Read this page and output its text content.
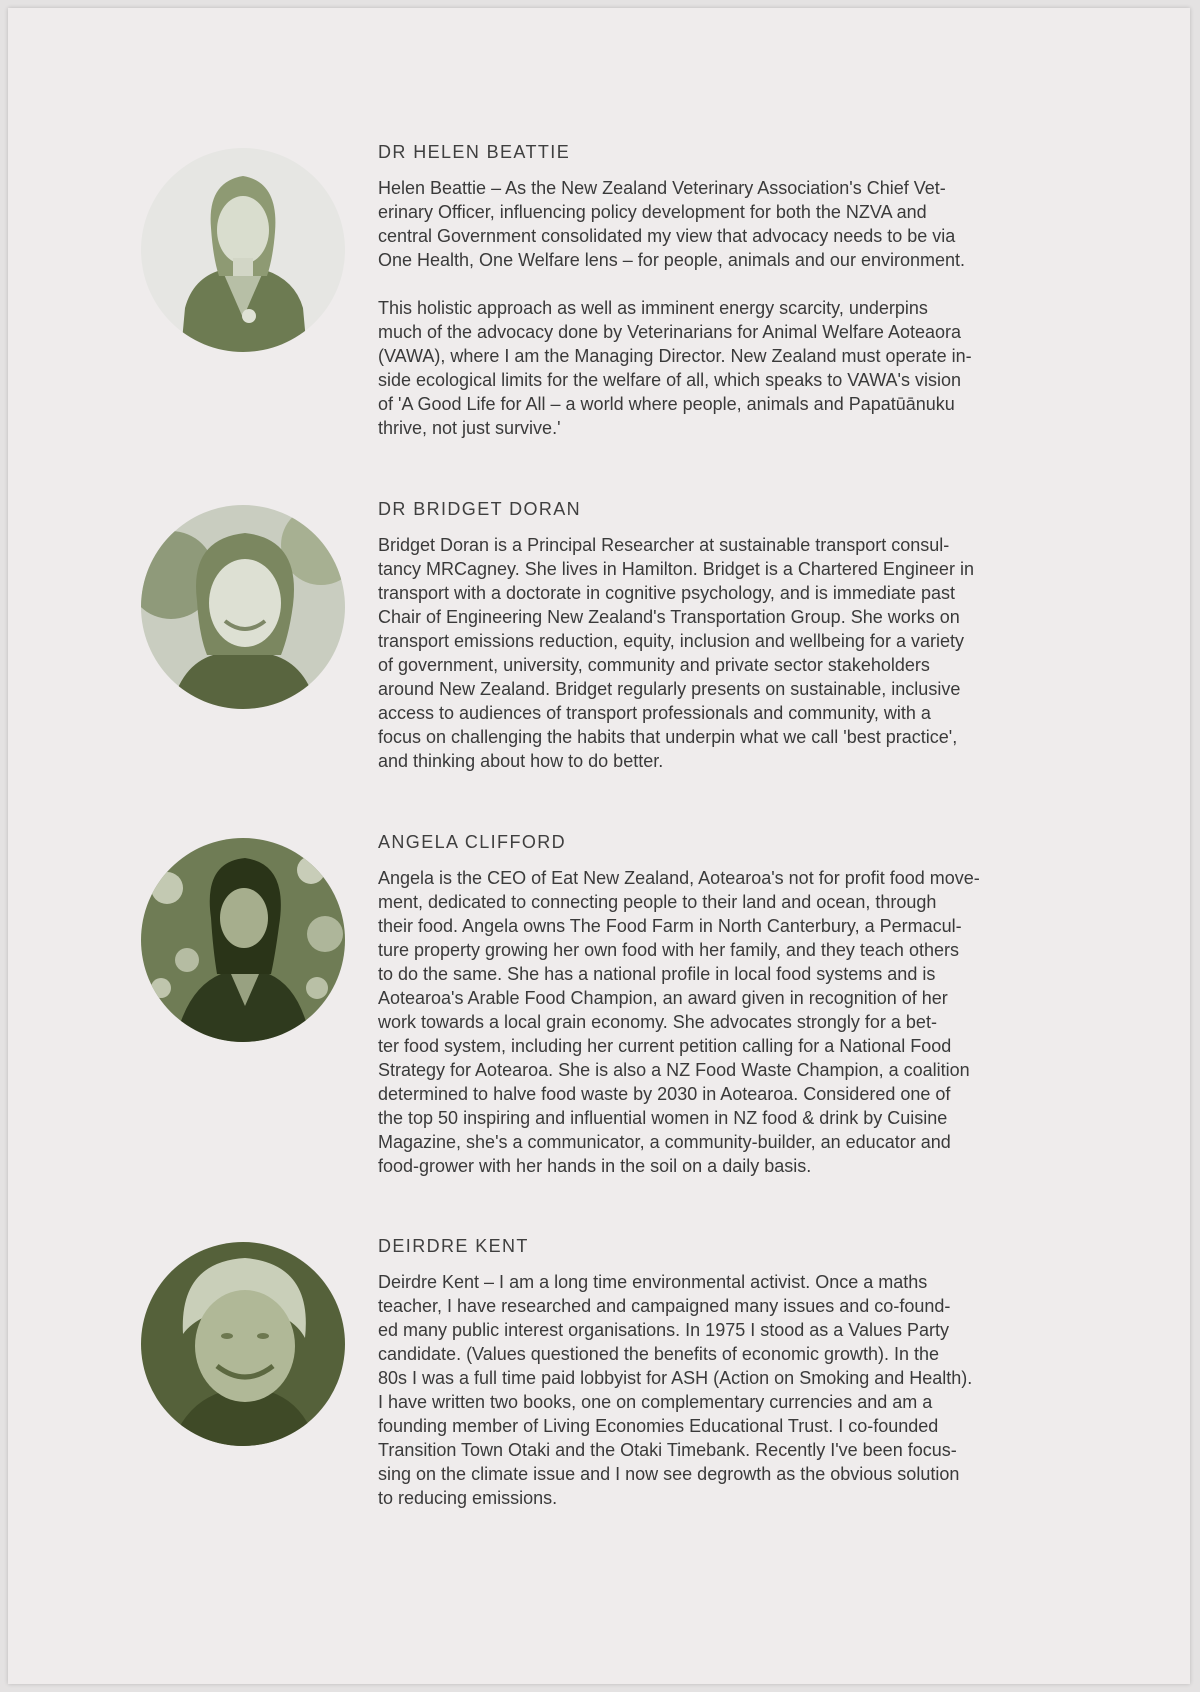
DR HELEN BEATTIE

Helen Beattie – As the New Zealand Veterinary Association's Chief Vet-
erinary Officer, influencing policy development for both the NZVA and
central Government consolidated my view that advocacy needs to be via
One Health, One Welfare lens – for people, animals and our environment.

This holistic approach as well as imminent energy scarcity, underpins
much of the advocacy done by Veterinarians for Animal Welfare Aoteaora
(VAWA), where I am the Managing Director. New Zealand must operate in-
side ecological limits for the welfare of all, which speaks to VAWA's vision
of 'A Good Life for All – a world where people, animals and Papatūānuku
thrive, not just survive.'

DR BRIDGET DORAN

Bridget Doran is a Principal Researcher at sustainable transport consul-
tancy MRCagney. She lives in Hamilton. Bridget is a Chartered Engineer in
transport with a doctorate in cognitive psychology, and is immediate past
Chair of Engineering New Zealand's Transportation Group. She works on
transport emissions reduction, equity, inclusion and wellbeing for a variety
of government, university, community and private sector stakeholders
around New Zealand. Bridget regularly presents on sustainable, inclusive
access to audiences of transport professionals and community, with a
focus on challenging the habits that underpin what we call 'best practice',
and thinking about how to do better.

ANGELA CLIFFORD

Angela is the CEO of Eat New Zealand, Aotearoa's not for profit food move-
ment, dedicated to connecting people to their land and ocean, through
their food. Angela owns The Food Farm in North Canterbury, a Permacul-
ture property growing her own food with her family, and they teach others
to do the same. She has a national profile in local food systems and is
Aotearoa's Arable Food Champion, an award given in recognition of her
work towards a local grain economy. She advocates strongly for a bet-
ter food system, including her current petition calling for a National Food
Strategy for Aotearoa. She is also a NZ Food Waste Champion, a coalition
determined to halve food waste by 2030 in Aotearoa. Considered one of
the top 50 inspiring and influential women in NZ food & drink by Cuisine
Magazine, she's a communicator, a community-builder, an educator and
food-grower with her hands in the soil on a daily basis.

DEIRDRE KENT

Deirdre Kent – I am a long time environmental activist. Once a maths
teacher, I have researched and campaigned many issues and co-found-
ed many public interest organisations. In 1975 I stood as a Values Party
candidate. (Values questioned the benefits of economic growth). In the
80s I was a full time paid lobbyist for ASH (Action on Smoking and Health).
I have written two books, one on complementary currencies and am a
founding member of Living Economies Educational Trust. I co-founded
Transition Town Otaki and the Otaki Timebank. Recently I've been focus-
sing on the climate issue and I now see degrowth as the obvious solution
to reducing emissions.
